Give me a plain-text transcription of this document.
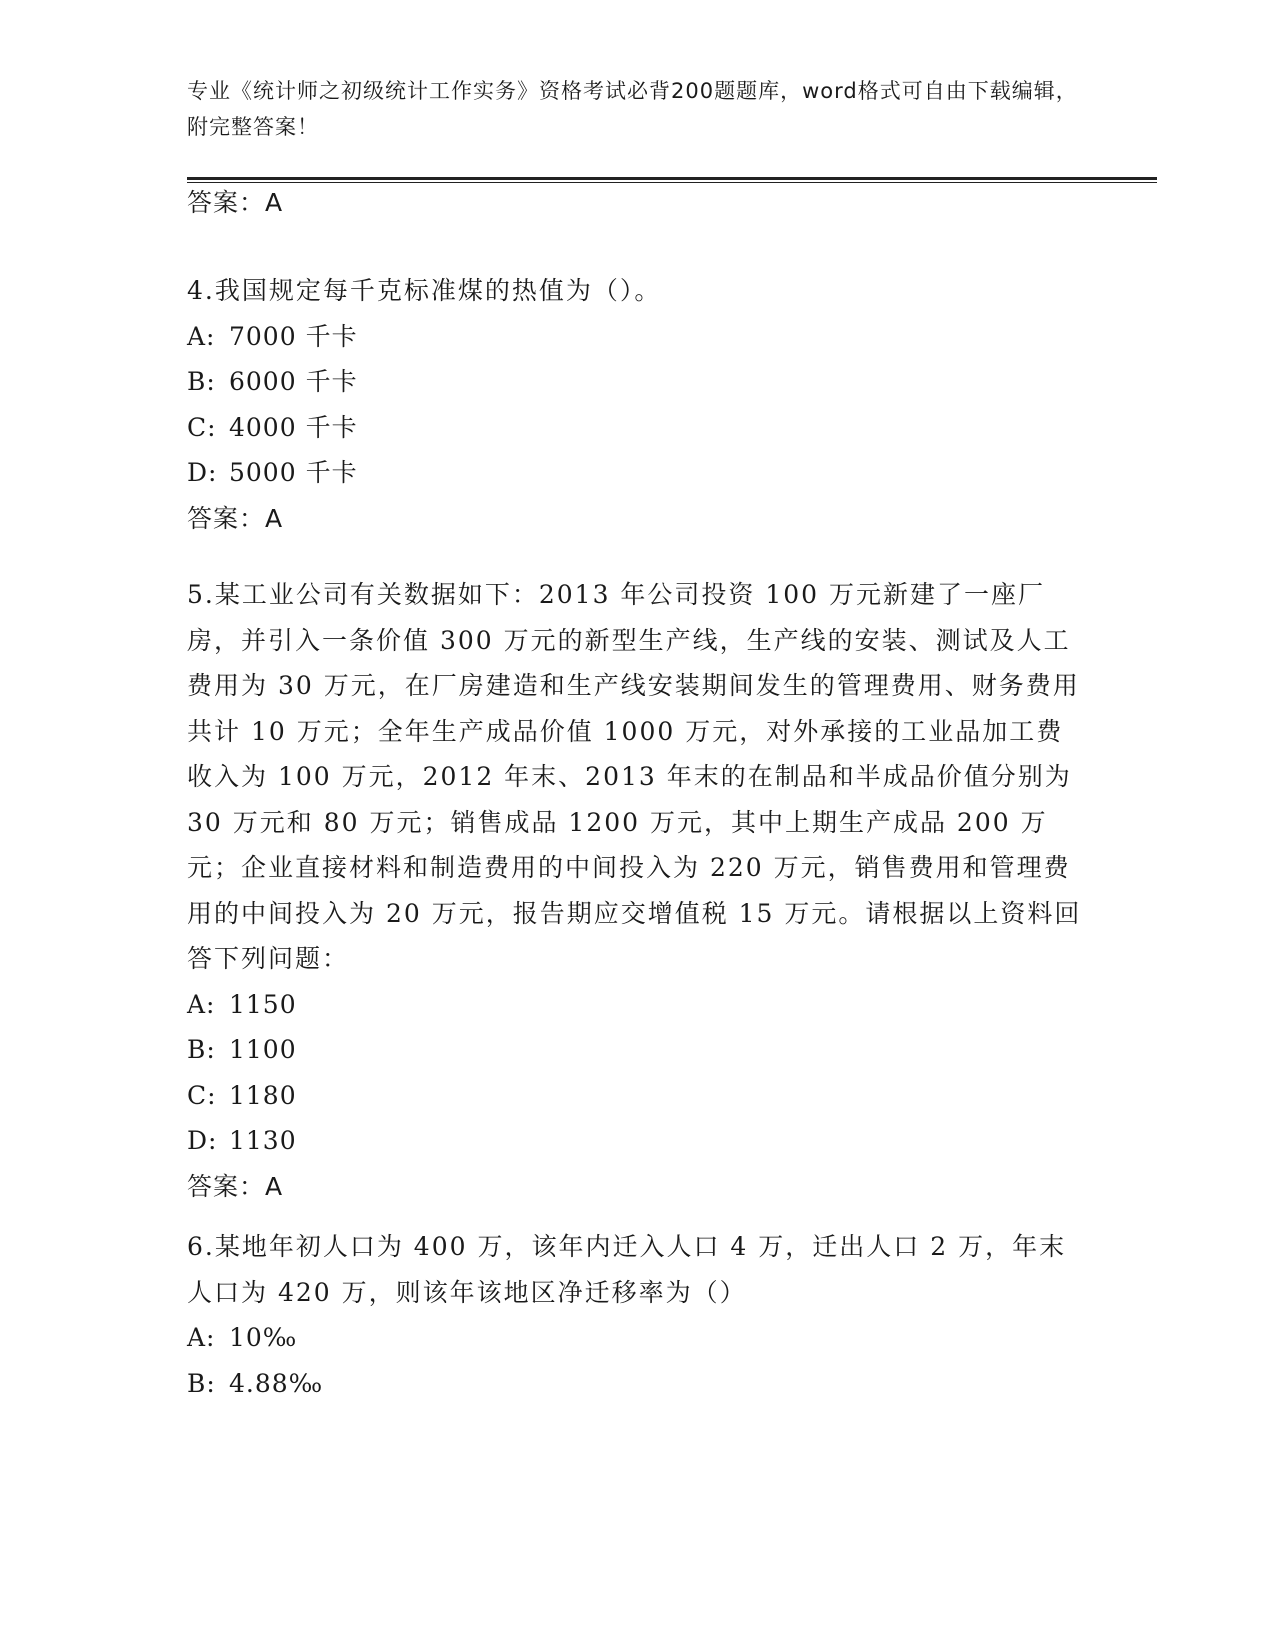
专业《统计师之初级统计工作实务》资格考试必背200题题库，word格式可自由下载编辑，附完整答案！
答案：A
4.我国规定每千克标准煤的热值为（）。
A: 7000 千卡
B: 6000 千卡
C: 4000 千卡
D: 5000 千卡
答案：A
5.某工业公司有关数据如下：2013 年公司投资 100 万元新建了一座厂房，并引入一条价值 300 万元的新型生产线，生产线的安装、测试及人工费用为 30 万元，在厂房建造和生产线安装期间发生的管理费用、财务费用共计 10 万元；全年生产成品价值 1000 万元，对外承接的工业品加工费收入为 100 万元，2012 年末、2013 年末的在制品和半成品价值分别为 30 万元和 80 万元；销售成品 1200 万元，其中上期生产成品 200 万元；企业直接材料和制造费用的中间投入为 220 万元，销售费用和管理费用的中间投入为 20 万元，报告期应交增值税 15 万元。请根据以上资料回答下列问题：
A: 1150
B: 1100
C: 1180
D: 1130
答案：A
6.某地年初人口为 400 万，该年内迁入人口 4 万，迁出人口 2 万，年末人口为 420 万，则该年该地区净迁移率为（）
A: 10‰
B: 4.88‰
